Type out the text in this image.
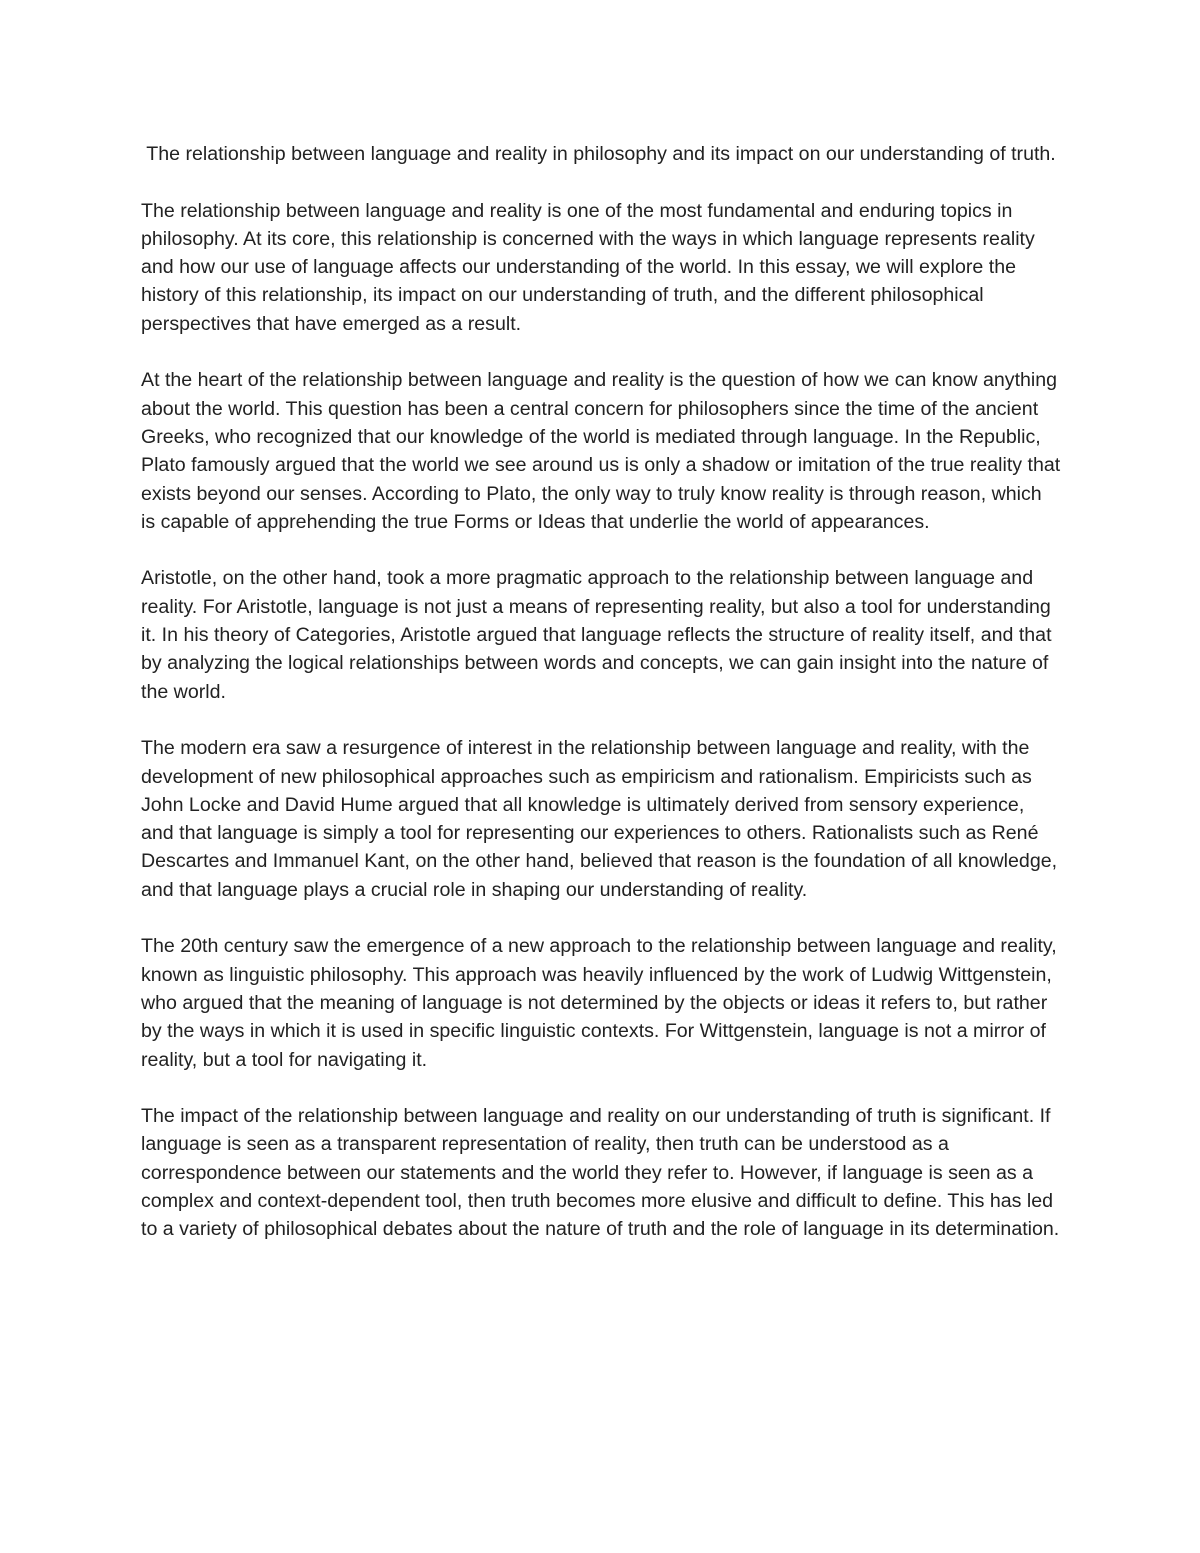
The relationship between language and reality in philosophy and its impact on our understanding of truth.

The relationship between language and reality is one of the most fundamental and enduring topics in philosophy. At its core, this relationship is concerned with the ways in which language represents reality and how our use of language affects our understanding of the world. In this essay, we will explore the history of this relationship, its impact on our understanding of truth, and the different philosophical perspectives that have emerged as a result.

At the heart of the relationship between language and reality is the question of how we can know anything about the world. This question has been a central concern for philosophers since the time of the ancient Greeks, who recognized that our knowledge of the world is mediated through language. In the Republic, Plato famously argued that the world we see around us is only a shadow or imitation of the true reality that exists beyond our senses. According to Plato, the only way to truly know reality is through reason, which is capable of apprehending the true Forms or Ideas that underlie the world of appearances.

Aristotle, on the other hand, took a more pragmatic approach to the relationship between language and reality. For Aristotle, language is not just a means of representing reality, but also a tool for understanding it. In his theory of Categories, Aristotle argued that language reflects the structure of reality itself, and that by analyzing the logical relationships between words and concepts, we can gain insight into the nature of the world.

The modern era saw a resurgence of interest in the relationship between language and reality, with the development of new philosophical approaches such as empiricism and rationalism. Empiricists such as John Locke and David Hume argued that all knowledge is ultimately derived from sensory experience, and that language is simply a tool for representing our experiences to others. Rationalists such as René Descartes and Immanuel Kant, on the other hand, believed that reason is the foundation of all knowledge, and that language plays a crucial role in shaping our understanding of reality.

The 20th century saw the emergence of a new approach to the relationship between language and reality, known as linguistic philosophy. This approach was heavily influenced by the work of Ludwig Wittgenstein, who argued that the meaning of language is not determined by the objects or ideas it refers to, but rather by the ways in which it is used in specific linguistic contexts. For Wittgenstein, language is not a mirror of reality, but a tool for navigating it.

The impact of the relationship between language and reality on our understanding of truth is significant. If language is seen as a transparent representation of reality, then truth can be understood as a correspondence between our statements and the world they refer to. However, if language is seen as a complex and context-dependent tool, then truth becomes more elusive and difficult to define. This has led to a variety of philosophical debates about the nature of truth and the role of language in its determination.
